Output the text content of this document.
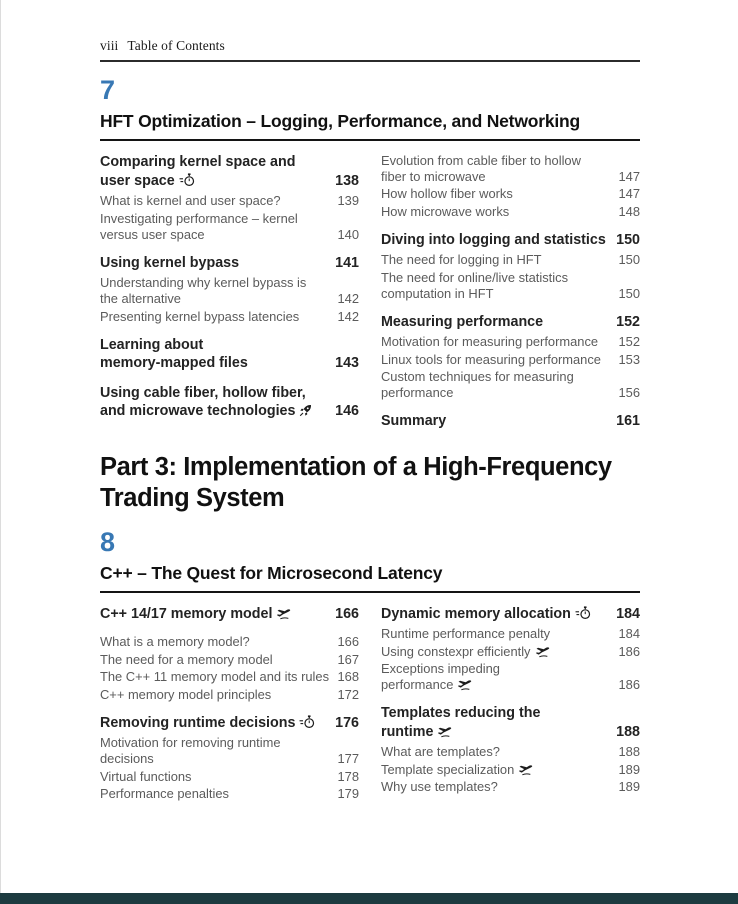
viii Table of Contents
7
HFT Optimization – Logging, Performance, and Networking
Comparing kernel space and
user space	138
What is kernel and user space?	139
Investigating performance – kernel
versus user space	140
Using kernel bypass	141
Understanding why kernel bypass is
the alternative	142
Presenting kernel bypass latencies	142
Learning about
memory-mapped files	143
Using cable fiber, hollow fiber,
and microwave technologies	146
Evolution from cable fiber to hollow
fiber to microwave	147
How hollow fiber works	147
How microwave works	148
Diving into logging and statistics 150
The need for logging in HFT	150
The need for online/live statistics
computation in HFT	150
Measuring performance	152
Motivation for measuring performance 152
Linux tools for measuring performance 153
Custom techniques for measuring
performance	156
Summary	161
Part 3: Implementation of a High-Frequency
Trading System
8
C++ – The Quest for Microsecond Latency
C++ 14/17 memory model	166
What is a memory model?	166
The need for a memory model	167
The C++ 11 memory model and its rules 168
C++ memory model principles	172
Removing runtime decisions	176
Motivation for removing runtime
decisions	177
Virtual functions	178
Performance penalties	179
Dynamic memory allocation	184
Runtime performance penalty	184
Using constexpr efficiently	186
Exceptions impeding
performance	186
Templates reducing the
runtime	188
What are templates?	188
Template specialization	189
Why use templates?	189
